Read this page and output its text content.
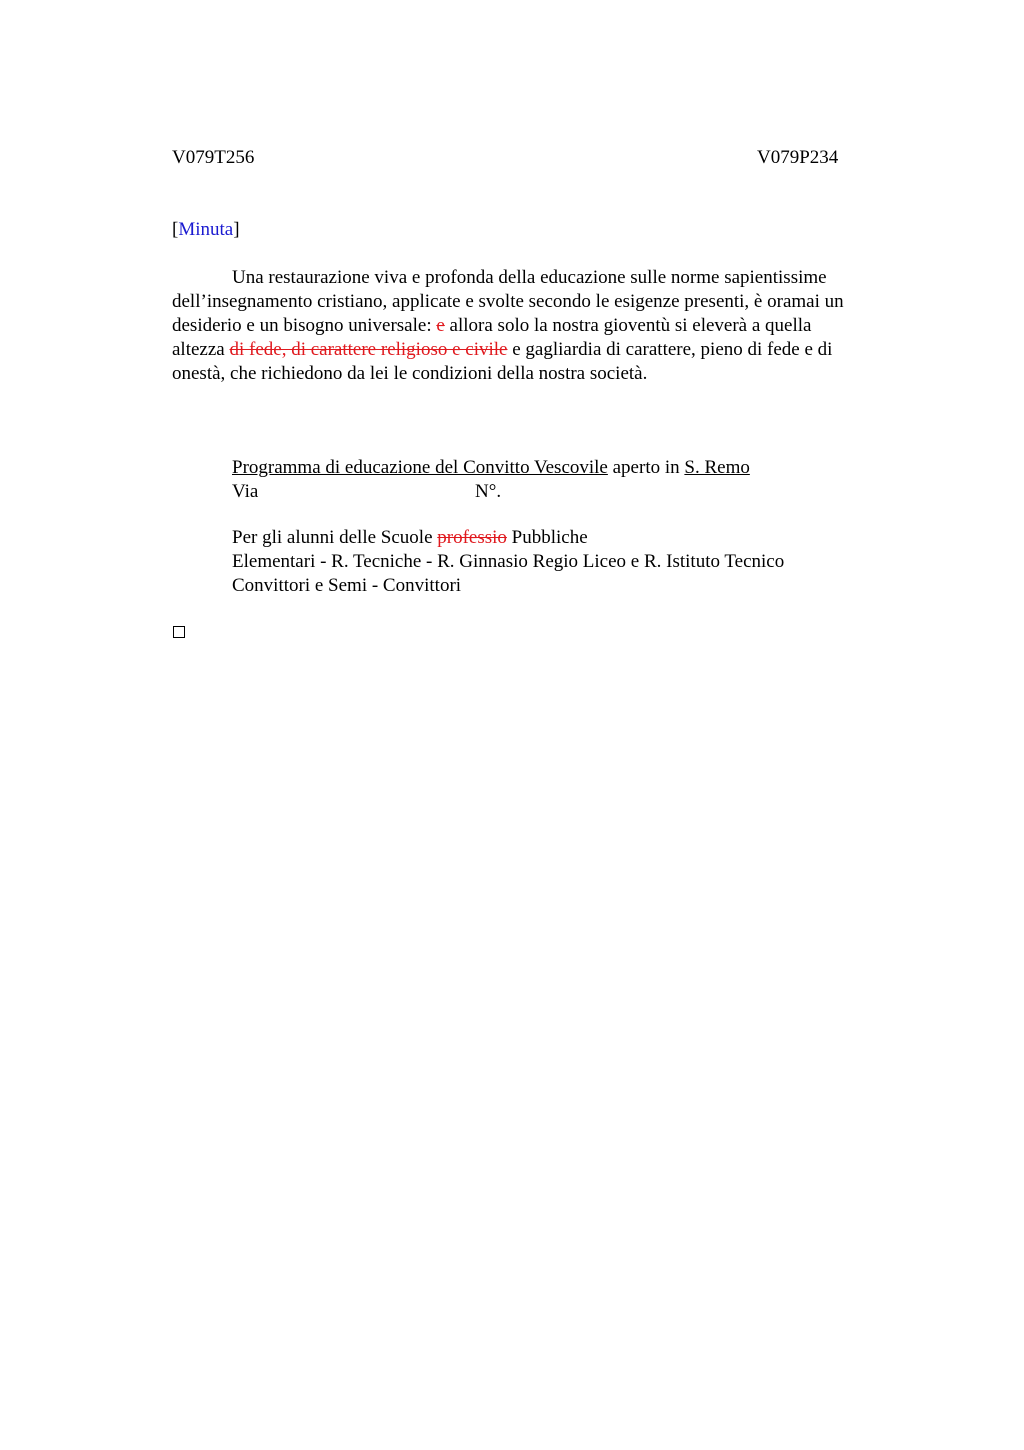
V079T256	V079P234
[Minuta]
Una restaurazione viva e profonda della educazione sulle norme sapientissime
dell’insegnamento cristiano, applicate e svolte secondo le esigenze presenti, è oramai un
desiderio e un bisogno universale: e allora solo la nostra gioventù si eleverà a quella
altezza di fede, di carattere religioso e civile e gagliardia di carattere, pieno di fede e di
onestà, che richiedono da lei le condizioni della nostra società.
Programma di educazione del Convitto Vescovile aperto in S. Remo
Via	N°.
Per gli alunni delle Scuole professio Pubbliche
Elementari - R. Tecniche - R. Ginnasio Regio Liceo e R. Istituto Tecnico
Convittori e Semi - Convittori
